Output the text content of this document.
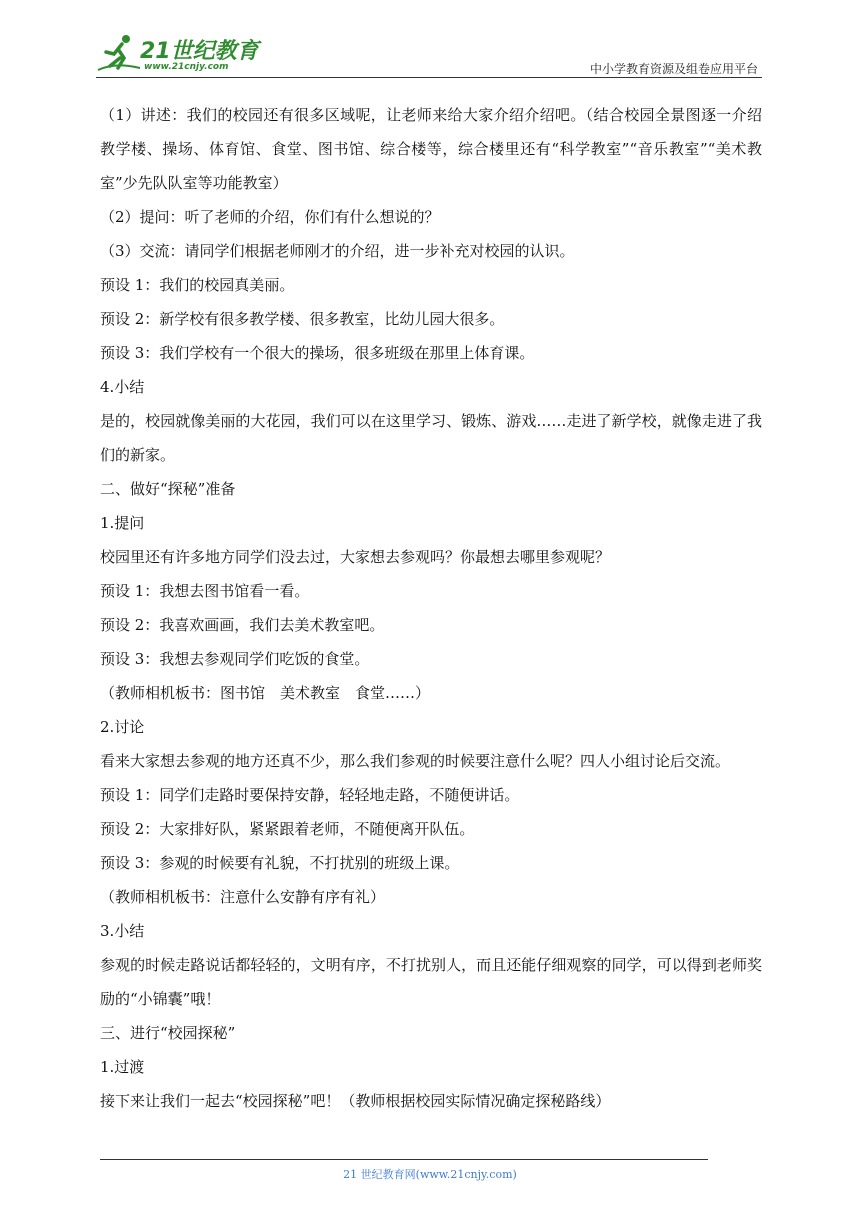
21世纪教育
www.21cnjy.com	中小学教育资源及组卷应用平台

（1）讲述：我们的校园还有很多区域呢，让老师来给大家介绍介绍吧。（结合校园全景图逐一介绍教学楼、操场、体育馆、食堂、图书馆、综合楼等，综合楼里还有“科学教室”“音乐教室”“美术教室”少先队队室等功能教室）

（2）提问：听了老师的介绍，你们有什么想说的？

（3）交流：请同学们根据老师刚才的介绍，进一步补充对校园的认识。

预设 1：我们的校园真美丽。

预设 2：新学校有很多教学楼、很多教室，比幼儿园大很多。

预设 3：我们学校有一个很大的操场，很多班级在那里上体育课。

4.小结

是的，校园就像美丽的大花园，我们可以在这里学习、锻炼、游戏……走进了新学校，就像走进了我们的新家。

二、做好“探秘”准备

1.提问

校园里还有许多地方同学们没去过，大家想去参观吗？你最想去哪里参观呢？

预设 1：我想去图书馆看一看。

预设 2：我喜欢画画，我们去美术教室吧。

预设 3：我想去参观同学们吃饭的食堂。

（教师相机板书：图书馆　美术教室　食堂……）

2.讨论

看来大家想去参观的地方还真不少，那么我们参观的时候要注意什么呢？四人小组讨论后交流。

预设 1：同学们走路时要保持安静，轻轻地走路，不随便讲话。

预设 2：大家排好队，紧紧跟着老师，不随便离开队伍。

预设 3：参观的时候要有礼貌，不打扰别的班级上课。

（教师相机板书：注意什么安静有序有礼）

3.小结

参观的时候走路说话都轻轻的，文明有序，不打扰别人，而且还能仔细观察的同学，可以得到老师奖励的“小锦囊”哦！

三、进行“校园探秘”

1.过渡

接下来让我们一起去“校园探秘”吧！（教师根据校园实际情况确定探秘路线）

21 世纪教育网(www.21cnjy.com)
